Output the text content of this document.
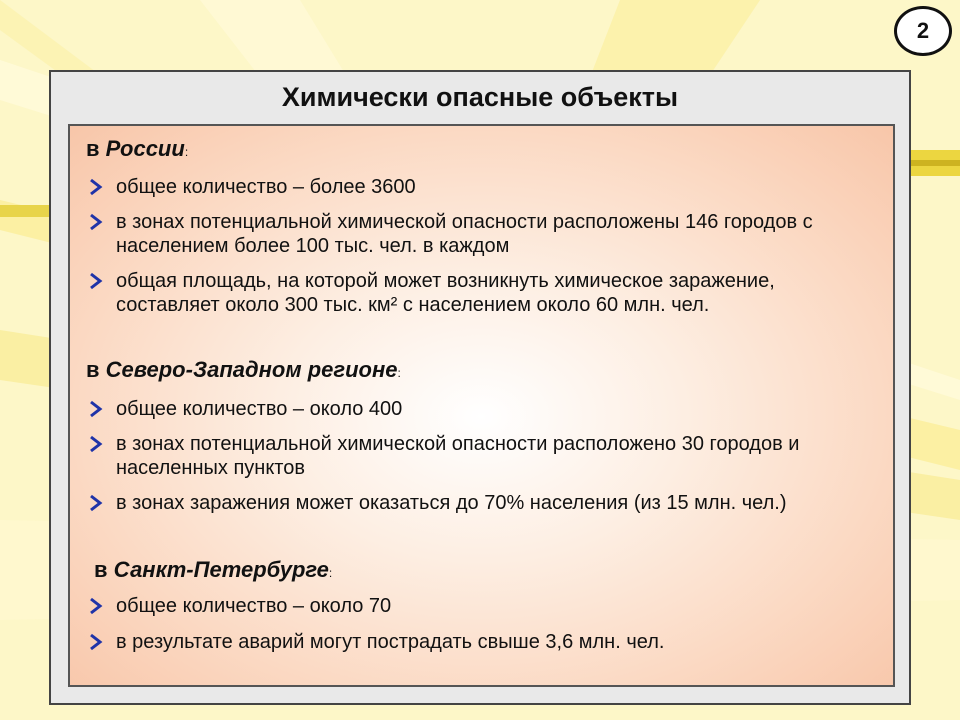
2
Химически опасные объекты
в России:
общее количество – более 3600
в зонах потенциальной химической опасности расположены 146 городов с населением более 100 тыс. чел. в каждом
общая площадь, на которой может возникнуть химическое заражение, составляет около 300 тыс. км² с населением около 60 млн. чел.
в Северо-Западном регионе:
общее количество – около 400
в зонах потенциальной химической опасности расположено 30 городов и населенных пунктов
в зонах заражения может оказаться до 70% населения (из 15 млн. чел.)
в Санкт-Петербурге:
общее количество – около 70
в результате аварий могут пострадать свыше 3,6 млн. чел.
